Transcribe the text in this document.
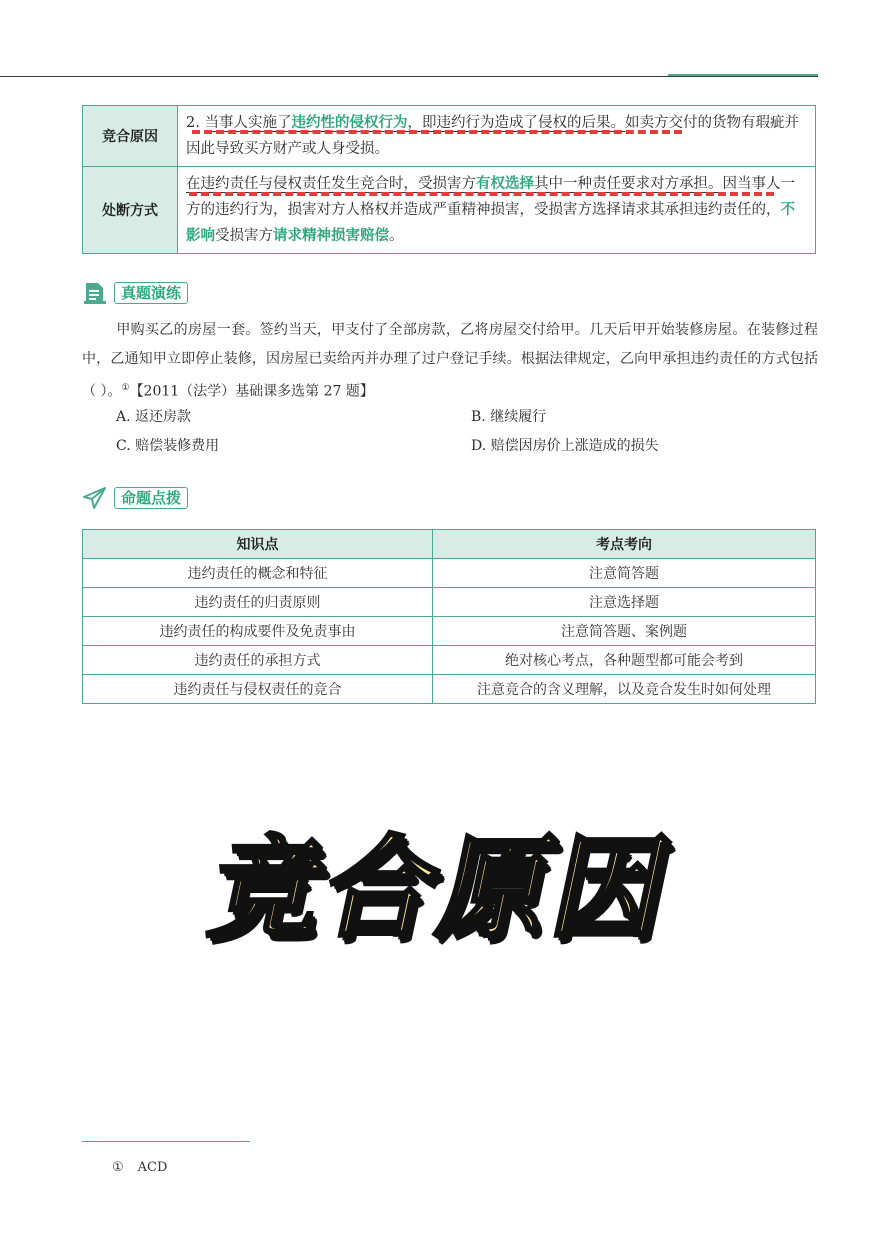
竞合原因	2. 当事人实施了违约性的侵权行为，即违约行为造成了侵权的后果。如卖方交付的货物有瑕疵并因此导致买方财产或人身受损。
处断方式	在违约责任与侵权责任发生竞合时，受损害方有权选择其中一种责任要求对方承担。因当事人一方的违约行为，损害对方人格权并造成严重精神损害，受损害方选择请求其承担违约责任的，不影响受损害方请求精神损害赔偿。
真题演练
甲购买乙的房屋一套。签约当天，甲支付了全部房款，乙将房屋交付给甲。几天后甲开始装修房屋。在装修过程中，乙通知甲立即停止装修，因房屋已卖给丙并办理了过户登记手续。根据法律规定，乙向甲承担违约责任的方式包括（ ）。①【2011（法学）基础课多选第 27 题】
A. 返还房款	B. 继续履行
C. 赔偿装修费用	D. 赔偿因房价上涨造成的损失
命题点拨
知识点	考点考向
违约责任的概念和特征	注意简答题
违约责任的归责原则	注意选择题
违约责任的构成要件及免责事由	注意简答题、案例题
违约责任的承担方式	绝对核心考点，各种题型都可能会考到
违约责任与侵权责任的竞合	注意竞合的含义理解，以及竞合发生时如何处理
竞合原因
① ACD
